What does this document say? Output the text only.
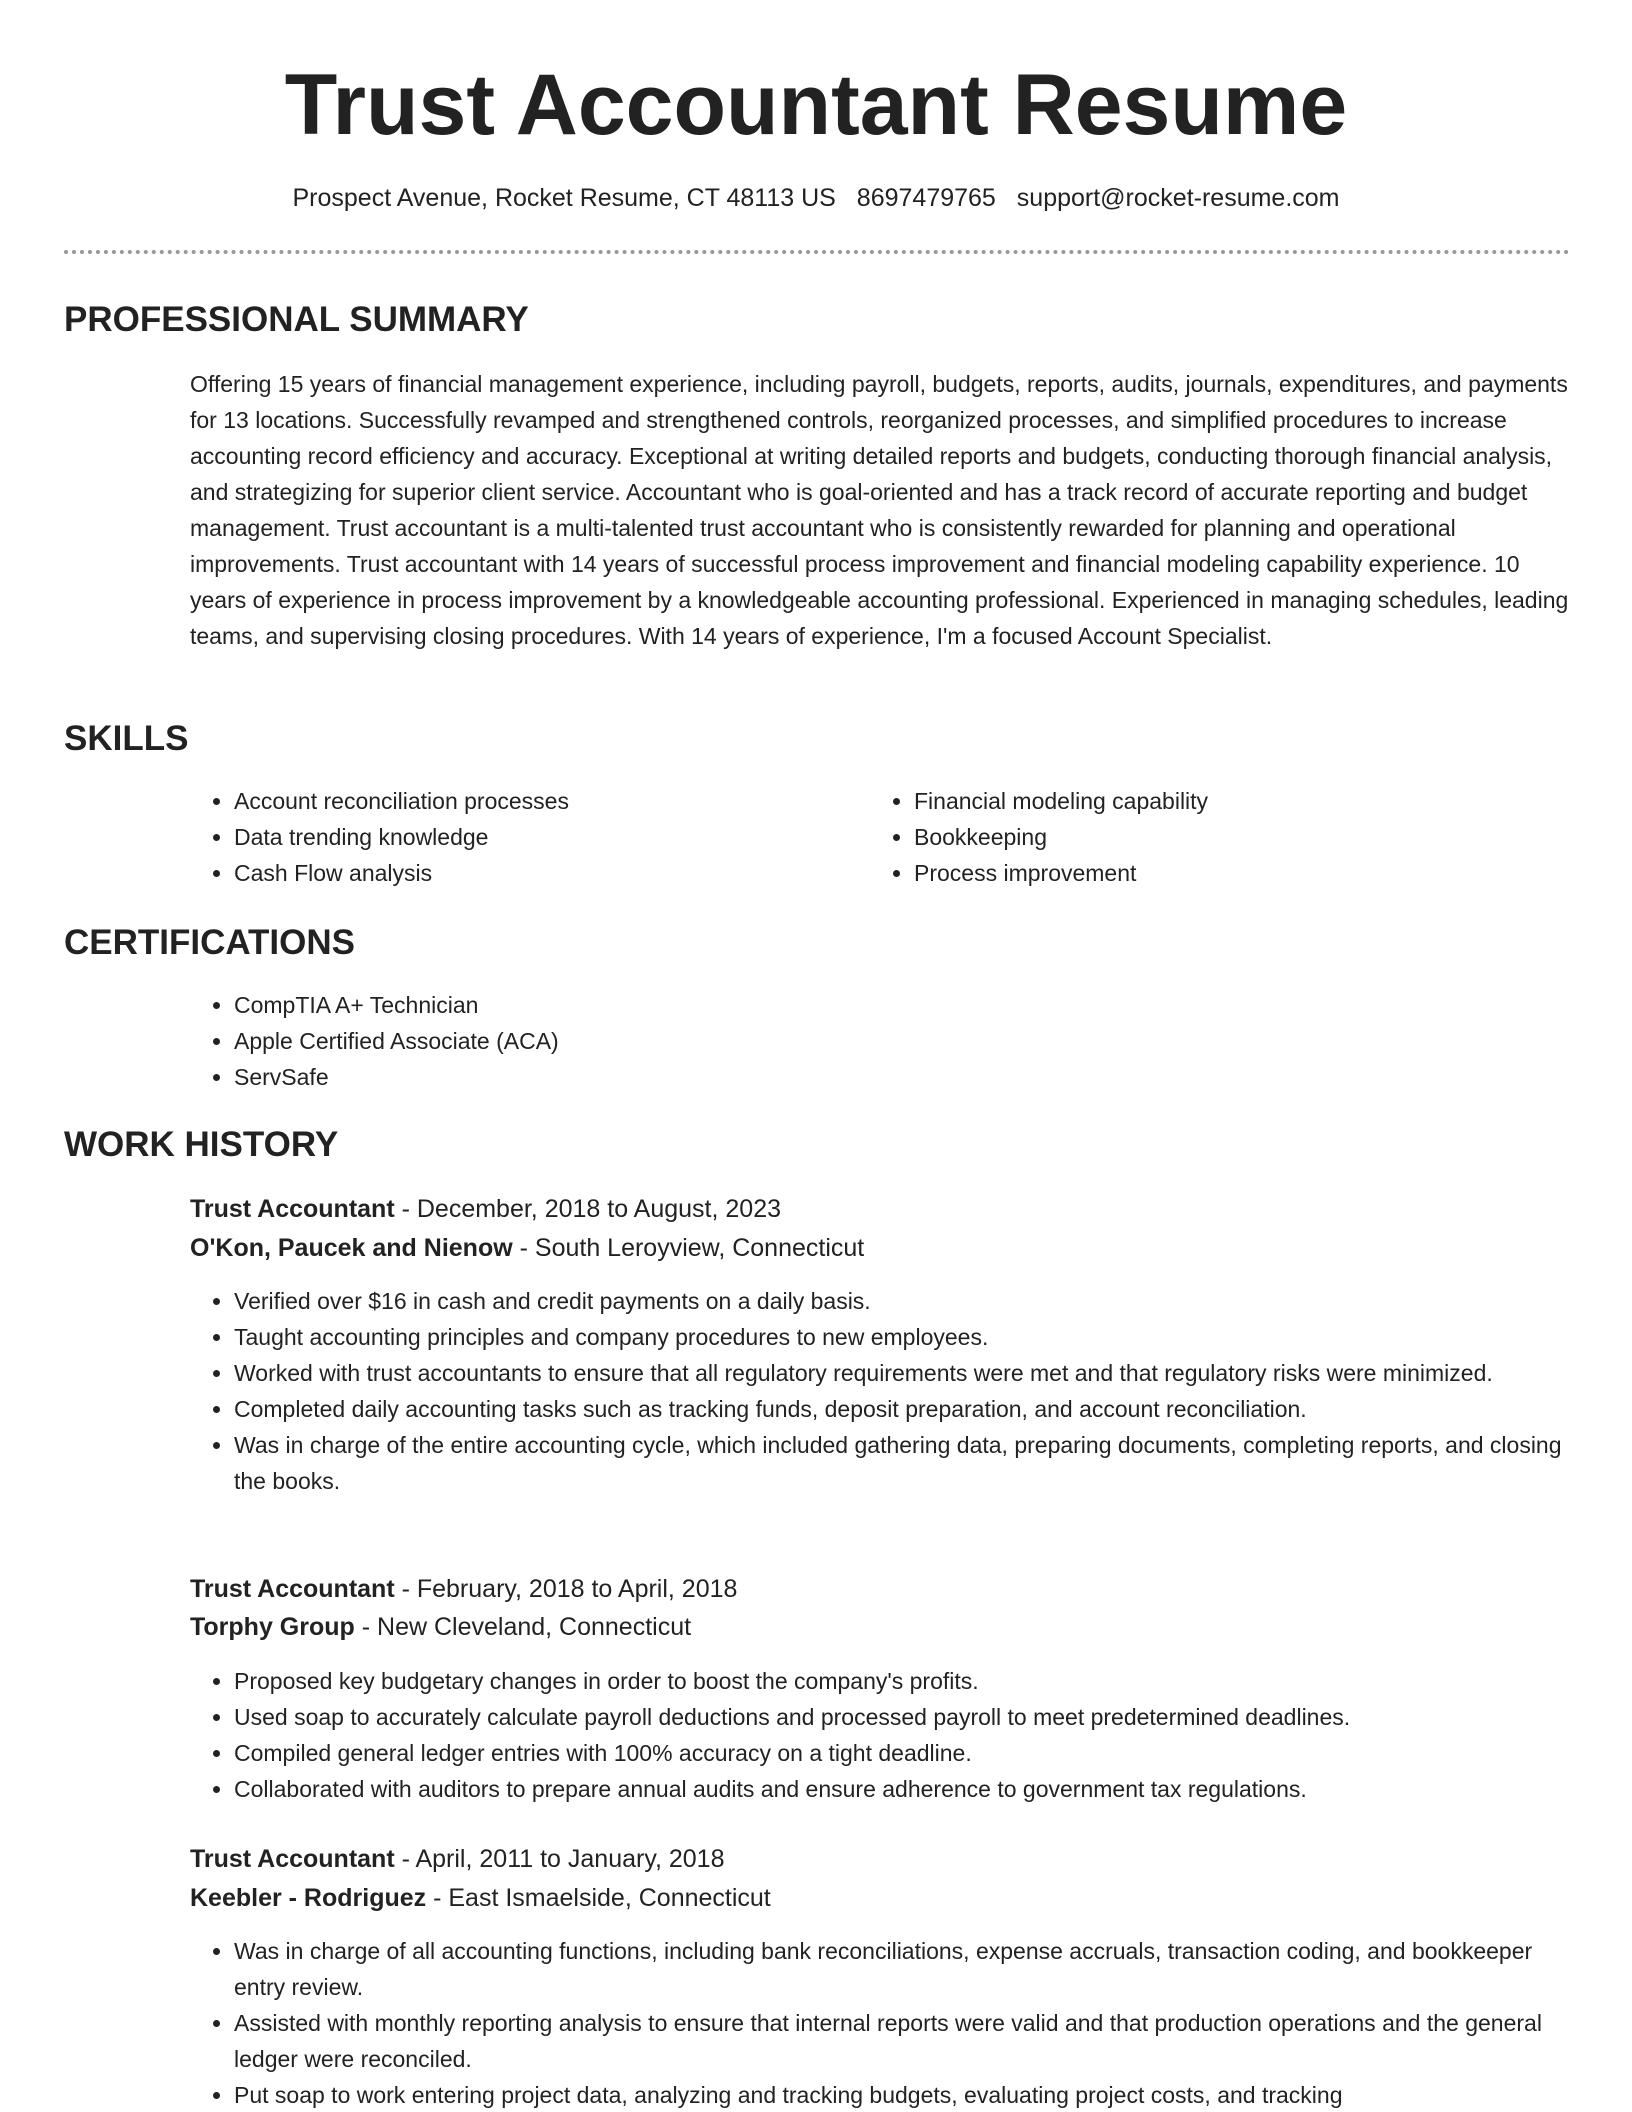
Trust Accountant Resume
Prospect Avenue, Rocket Resume, CT 48113 US 8697479765 support@rocket-resume.com
PROFESSIONAL SUMMARY

Offering 15 years of financial management experience, including payroll, budgets, reports, audits, journals, expenditures, and payments for 13 locations. Successfully revamped and strengthened controls, reorganized processes, and simplified procedures to increase accounting record efficiency and accuracy. Exceptional at writing detailed reports and budgets, conducting thorough financial analysis, and strategizing for superior client service. Accountant who is goal-oriented and has a track record of accurate reporting and budget management. Trust accountant is a multi-talented trust accountant who is consistently rewarded for planning and operational improvements. Trust accountant with 14 years of successful process improvement and financial modeling capability experience. 10 years of experience in process improvement by a knowledgeable accounting professional. Experienced in managing schedules, leading teams, and supervising closing procedures. With 14 years of experience, I'm a focused Account Specialist.

SKILLS
• Account reconciliation processes
• Data trending knowledge
• Cash Flow analysis
• Financial modeling capability
• Bookkeeping
• Process improvement
CERTIFICATIONS
• CompTIA A+ Technician
• Apple Certified Associate (ACA)
• ServSafe
WORK HISTORY
Trust Accountant - December, 2018 to August, 2023
O'Kon, Paucek and Nienow - South Leroyview, Connecticut
• Verified over $16 in cash and credit payments on a daily basis.
• Taught accounting principles and company procedures to new employees.
• Worked with trust accountants to ensure that all regulatory requirements were met and that regulatory risks were minimized.
• Completed daily accounting tasks such as tracking funds, deposit preparation, and account reconciliation.
• Was in charge of the entire accounting cycle, which included gathering data, preparing documents, completing reports, and closing the books.
Trust Accountant - February, 2018 to April, 2018
Torphy Group - New Cleveland, Connecticut
• Proposed key budgetary changes in order to boost the company's profits.
• Used soap to accurately calculate payroll deductions and processed payroll to meet predetermined deadlines.
• Compiled general ledger entries with 100% accuracy on a tight deadline.
• Collaborated with auditors to prepare annual audits and ensure adherence to government tax regulations.
Trust Accountant - April, 2011 to January, 2018
Keebler - Rodriguez - East Ismaelside, Connecticut
• Was in charge of all accounting functions, including bank reconciliations, expense accruals, transaction coding, and bookkeeper entry review.
• Assisted with monthly reporting analysis to ensure that internal reports were valid and that production operations and the general ledger were reconciled.
• Put soap to work entering project data, analyzing and tracking budgets, evaluating project costs, and tracking
